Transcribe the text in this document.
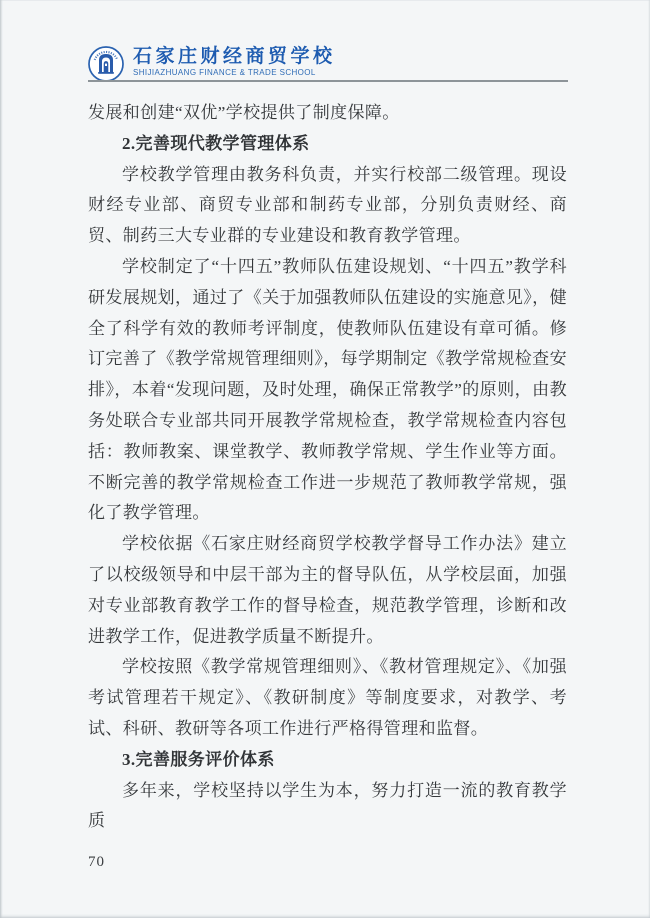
石家庄财经商贸学校
SHIJIAZHUANG FINANCE & TRADE SCHOOL

发展和创建“双优”学校提供了制度保障。

2.完善现代教学管理体系

学校教学管理由教务科负责，并实行校部二级管理。现设财经专业部、商贸专业部和制药专业部，分别负责财经、商贸、制药三大专业群的专业建设和教育教学管理。

学校制定了“十四五”教师队伍建设规划、“十四五”教学科研发展规划，通过了《关于加强教师队伍建设的实施意见》，健全了科学有效的教师考评制度，使教师队伍建设有章可循。修订完善了《教学常规管理细则》，每学期制定《教学常规检查安排》，本着“发现问题，及时处理，确保正常教学”的原则，由教务处联合专业部共同开展教学常规检查，教学常规检查内容包括：教师教案、课堂教学、教师教学常规、学生作业等方面。不断完善的教学常规检查工作进一步规范了教师教学常规，强化了教学管理。

学校依据《石家庄财经商贸学校教学督导工作办法》建立了以校级领导和中层干部为主的督导队伍，从学校层面，加强对专业部教育教学工作的督导检查，规范教学管理，诊断和改进教学工作，促进教学质量不断提升。

学校按照《教学常规管理细则》、《教材管理规定》、《加强考试管理若干规定》、《教研制度》等制度要求，对教学、考试、科研、教研等各项工作进行严格得管理和监督。

3.完善服务评价体系

多年来，学校坚持以学生为本，努力打造一流的教育教学质

70
